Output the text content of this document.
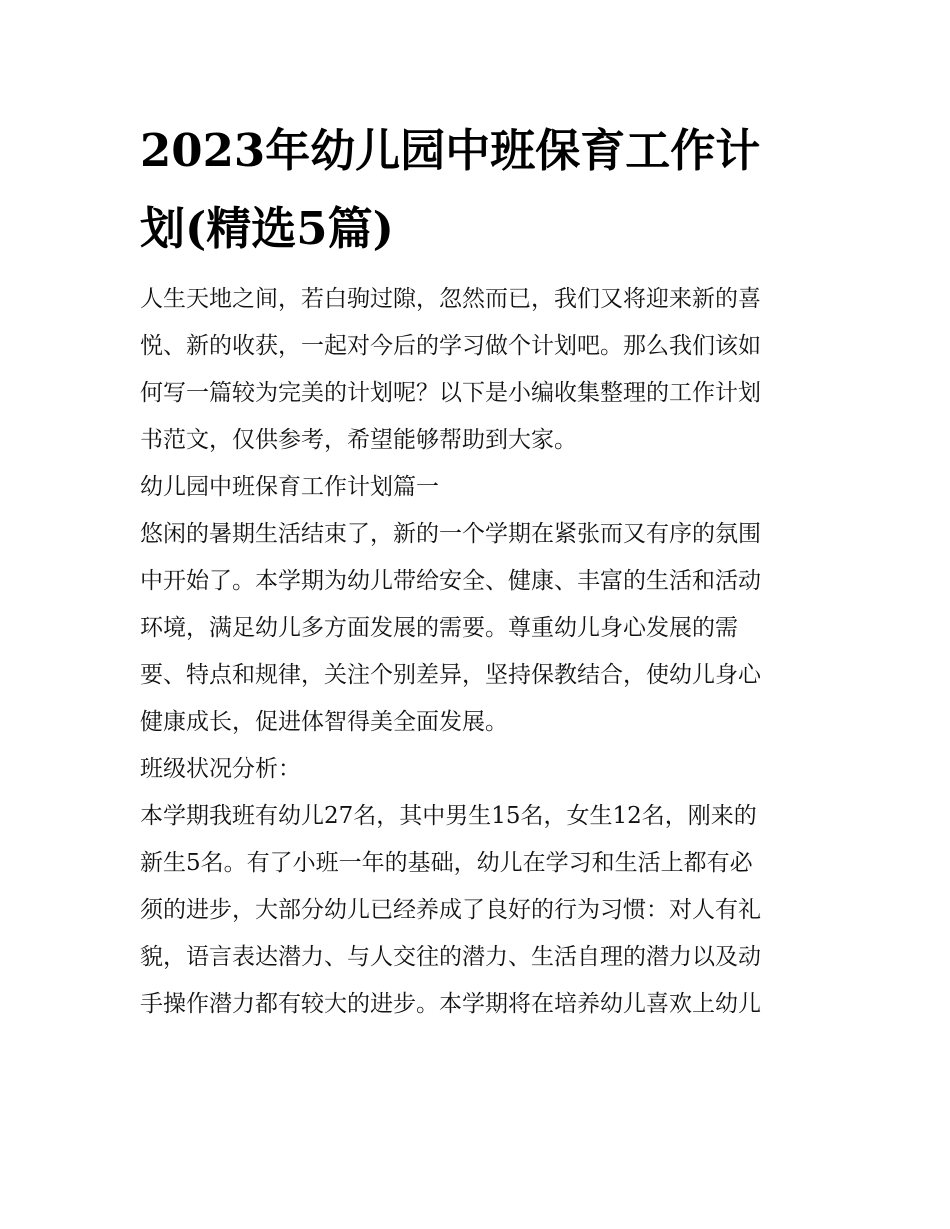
2023年幼儿园中班保育工作计
划(精选5篇)

人生天地之间，若白驹过隙，忽然而已，我们又将迎来新的喜

悦、新的收获，一起对今后的学习做个计划吧。那么我们该如

何写一篇较为完美的计划呢？以下是小编收集整理的工作计划

书范文，仅供参考，希望能够帮助到大家。

幼儿园中班保育工作计划篇一

悠闲的暑期生活结束了，新的一个学期在紧张而又有序的氛围

中开始了。本学期为幼儿带给安全、健康、丰富的生活和活动

环境，满足幼儿多方面发展的需要。尊重幼儿身心发展的需

要、特点和规律，关注个别差异，坚持保教结合，使幼儿身心

健康成长，促进体智得美全面发展。

班级状况分析：

本学期我班有幼儿27名，其中男生15名，女生12名，刚来的

新生5名。有了小班一年的基础，幼儿在学习和生活上都有必

须的进步，大部分幼儿已经养成了良好的行为习惯：对人有礼

貌，语言表达潜力、与人交往的潜力、生活自理的潜力以及动

手操作潜力都有较大的进步。本学期将在培养幼儿喜欢上幼儿
